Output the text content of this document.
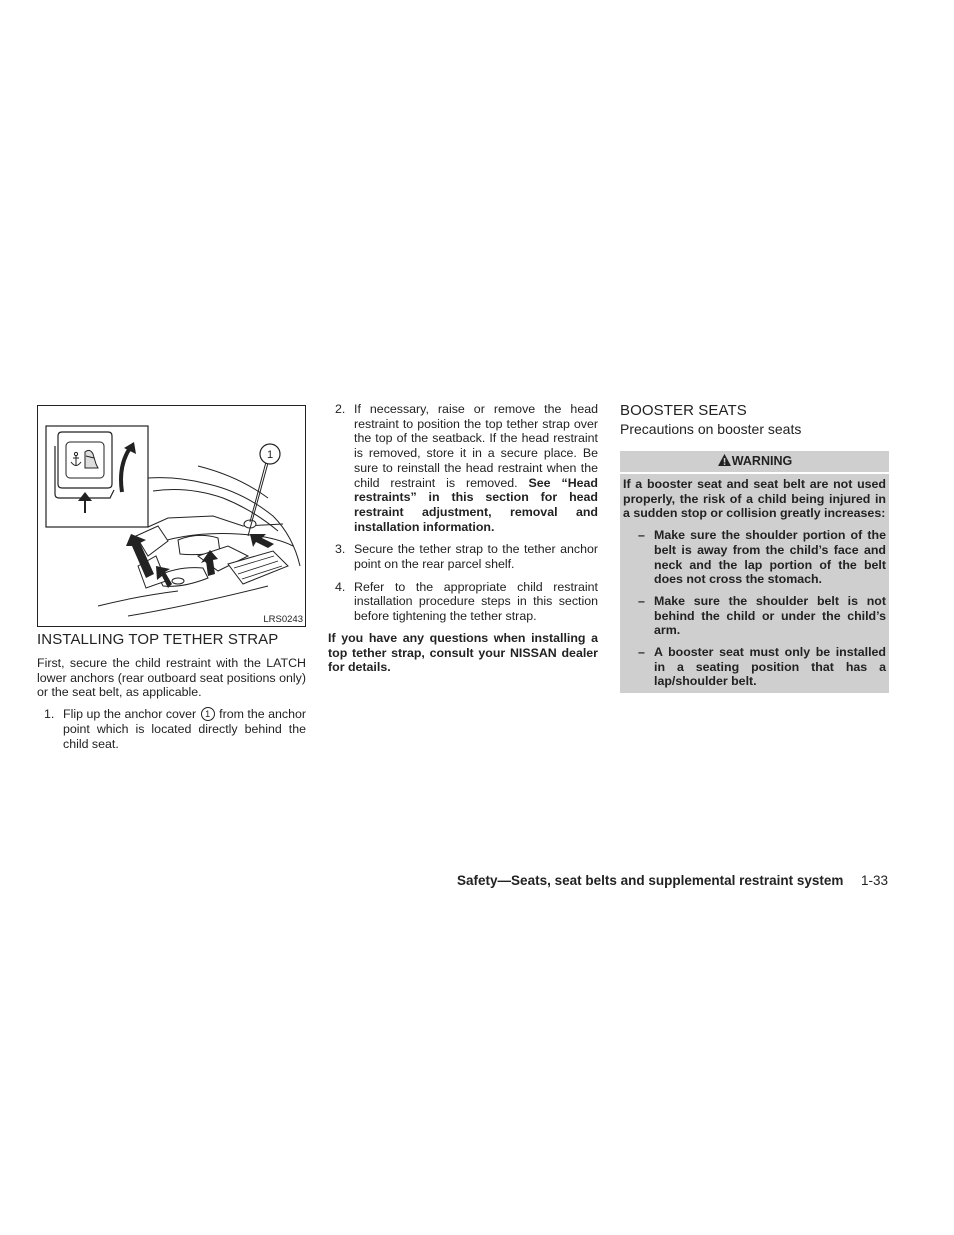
1
LRS0243
INSTALLING TOP TETHER STRAP

First, secure the child restraint with the LATCH lower anchors (rear outboard seat positions only) or the seat belt, as applicable.

1. Flip up the anchor cover 1 from the anchor point which is located directly behind the child seat.
2. If necessary, raise or remove the head restraint to position the top tether strap over the top of the seatback. If the head restraint is removed, store it in a secure place. Be sure to reinstall the head restraint when the child restraint is removed. See “Head restraints” in this section for head restraint adjustment, removal and installation information.
3. Secure the tether strap to the tether anchor point on the rear parcel shelf.
4. Refer to the appropriate child restraint installation procedure steps in this section before tightening the tether strap.

If you have any questions when installing a top tether strap, consult your NISSAN dealer for details.

BOOSTER SEATS
Precautions on booster seats
WARNING

If a booster seat and seat belt are not used properly, the risk of a child being injured in a sudden stop or collision greatly increases:

– Make sure the shoulder portion of the belt is away from the child’s face and neck and the lap portion of the belt does not cross the stomach.
– Make sure the shoulder belt is not behind the child or under the child’s arm.
– A booster seat must only be installed in a seating position that has a lap/shoulder belt.
Safety—Seats, seat belts and supplemental restraint system 1-33
